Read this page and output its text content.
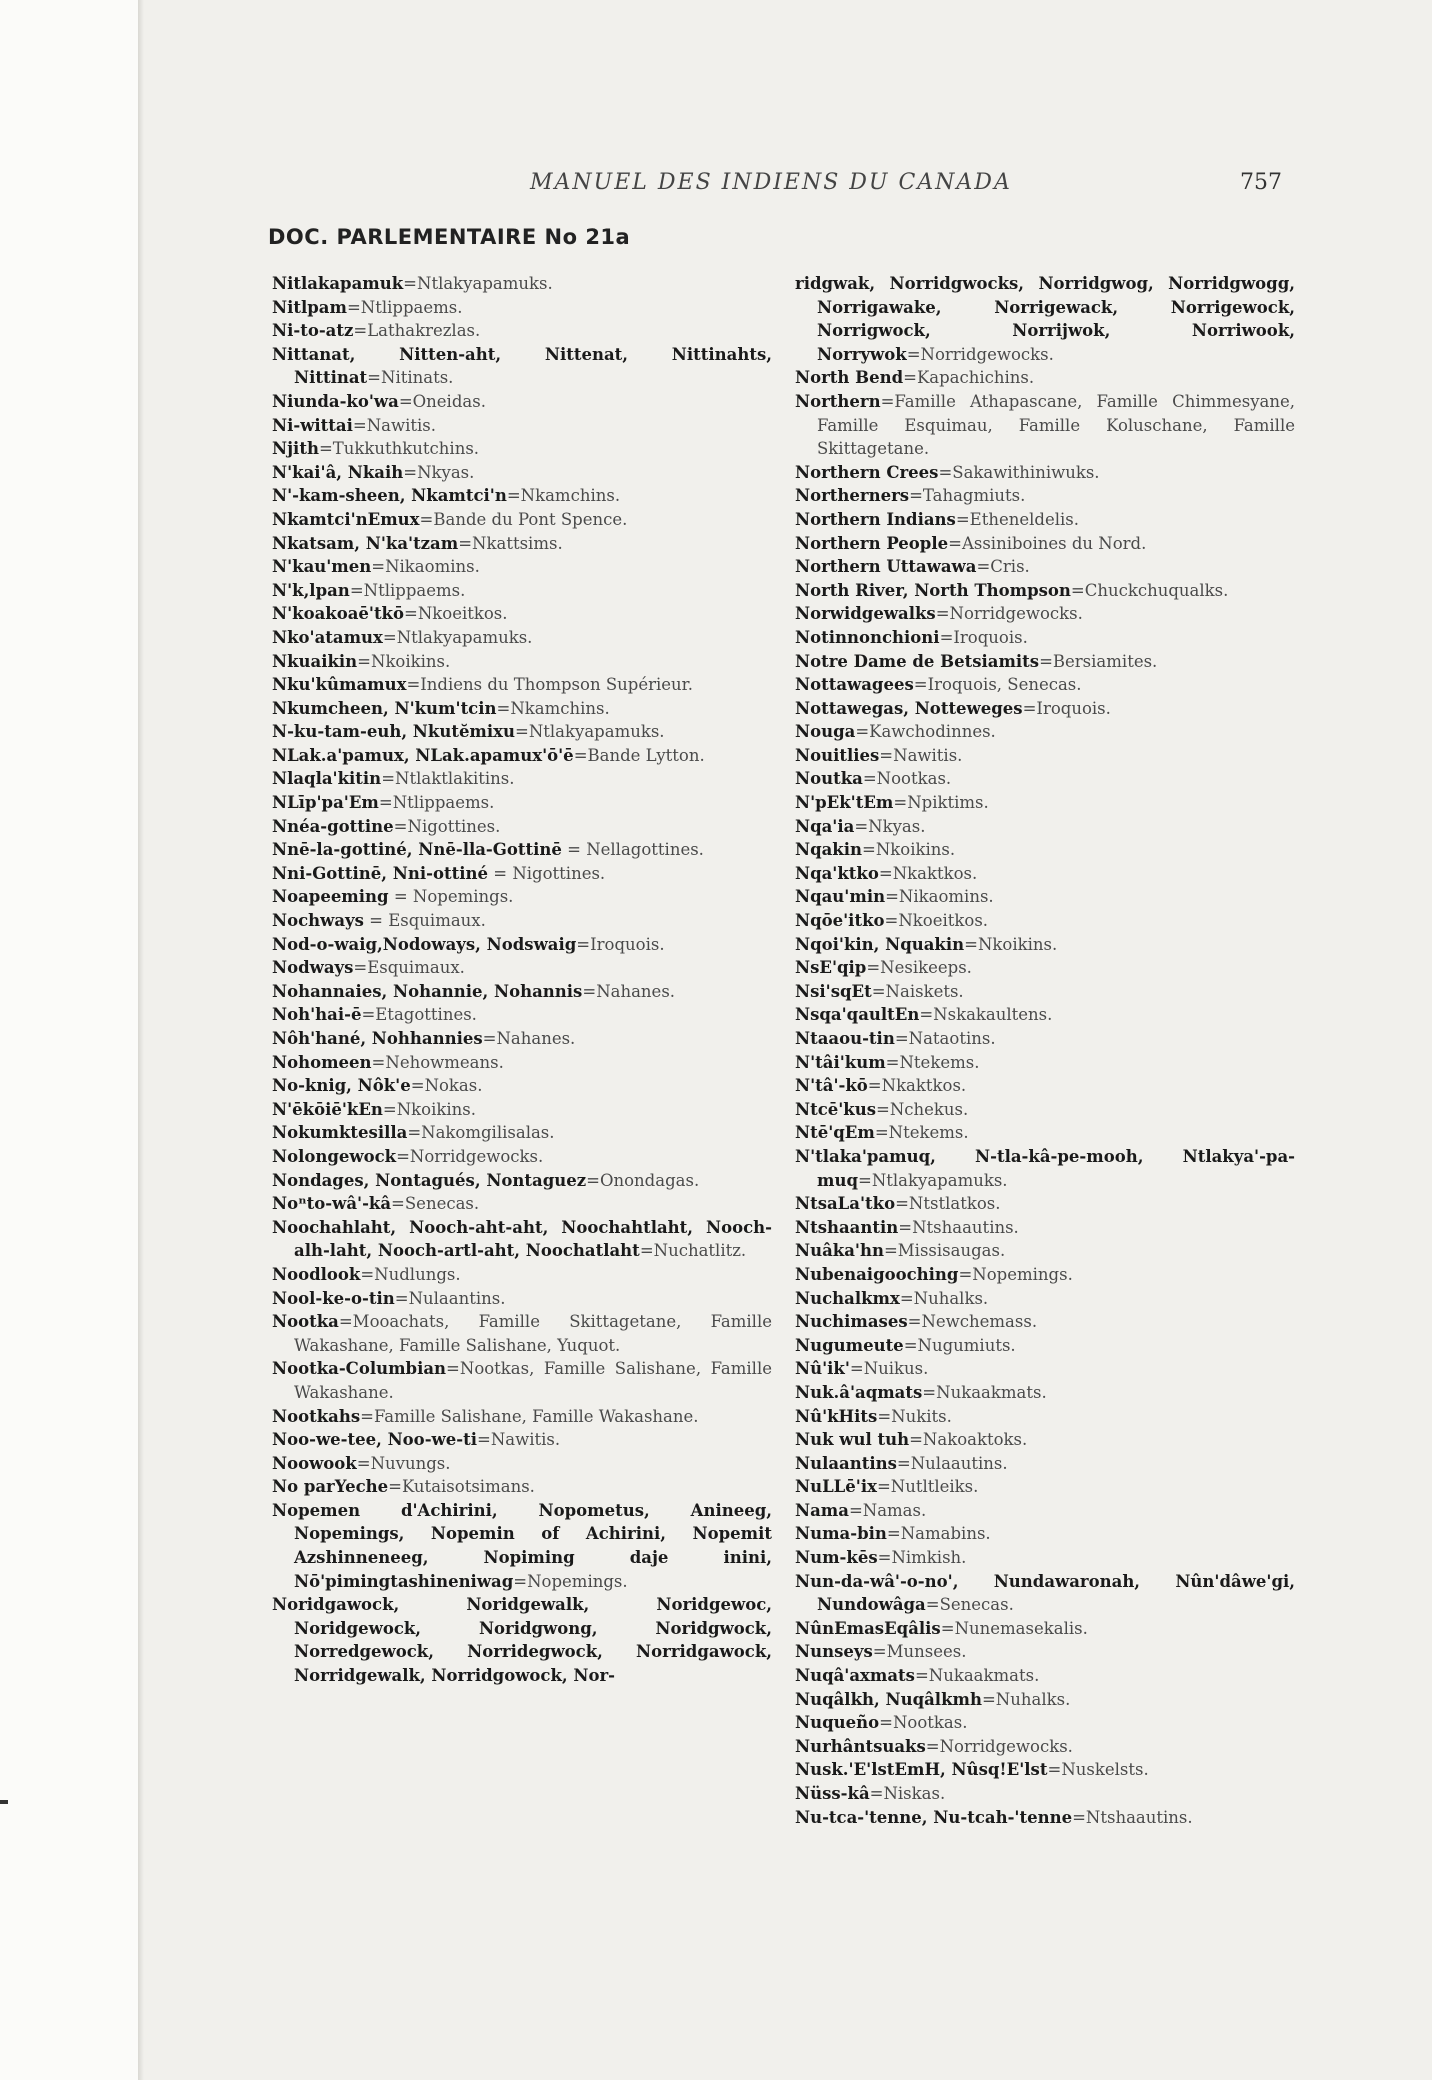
MANUEL DES INDIENS DU CANADA	757
DOC. PARLEMENTAIRE No 21a
Nitlakapamuk=Ntlakyapamuks.
Nitlpam=Ntlippaems.
Ni-to-atz=Lathakrezlas.
Nittanat, Nitten-aht, Nittenat, Nittinahts, Nittinat=Nitinats.
Niunda-ko'wa=Oneidas.
Ni-wittai=Nawitis.
Njith=Tukkuthkutchins.
N'kai'â, Nkaih=Nkyas.
N'-kam-sheen, Nkamtci'n=Nkamchins.
Nkamtci'nEmux=Bande du Pont Spence.
Nkatsam, N'ka'tzam=Nkattsims.
N'kau'men=Nikaomins.
N'k,lpan=Ntlippaems.
N'koakoaē'tkō=Nkoeitkos.
Nko'atamux=Ntlakyapamuks.
Nkuaikin=Nkoikins.
Nku'kûmamux=Indiens du Thompson Supérieur.
Nkumcheen, N'kum'tcin=Nkamchins.
N-ku-tam-euh, Nkutĕmixu=Ntlakyapamuks.
NLak.a'pamux, NLak.apamux'ō'ē=Bande Lytton.
Nlaqla'kitin=Ntlaktlakitins.
NLīp'pa'Em=Ntlippaems.
Nnéa-gottine=Nigottines.
Nnē-la-gottiné, Nnē-lla-Gottinē = Nellagottines.
Nni-Gottinē, Nni-ottiné = Nigottines.
Noapeeming = Nopemings.
Nochways = Esquimaux.
Nod-o-waig,Nodoways, Nodswaig=Iroquois.
Nodways=Esquimaux.
Nohannaies, Nohannie, Nohannis=Nahanes.
Noh'hai-ē=Etagottines.
Nôh'hané, Nohhannies=Nahanes.
Nohomeen=Nehowmeans.
No-knig, Nôk'e=Nokas.
N'ēkōiē'kEn=Nkoikins.
Nokumktesilla=Nakomgilisalas.
Nolongewock=Norridgewocks.
Nondages, Nontagués, Nontaguez=Onondagas.
Noⁿto-wâ'-kâ=Senecas.
Noochahlaht, Nooch-aht-aht, Noochahtlaht, Nooch-alh-laht, Nooch-artl-aht, Noochatlaht=Nuchatlitz.
Noodlook=Nudlungs.
Nool-ke-o-tin=Nulaantins.
Nootka=Mooachats, Famille Skittagetane, Famille Wakashane, Famille Salishane, Yuquot.
Nootka-Columbian=Nootkas, Famille Salishane, Famille Wakashane.
Nootkahs=Famille Salishane, Famille Wakashane.
Noo-we-tee, Noo-we-ti=Nawitis.
Noowook=Nuvungs.
No parYeche=Kutaisotsimans.
Nopemen d'Achirini, Nopometus, Anineeg, Nopemings, Nopemin of Achirini, Nopemit Azshinneneeg, Nopiming daje inini, Nō'pimingtashineniwag=Nopemings.
Noridgawock, Noridgewalk, Noridgewoc, Noridgewock, Noridgwong, Noridgwock, Norredgewock, Norridegwock, Norridgawock, Norridgewalk, Norridgowock, Nor-
ridgwak, Norridgwocks, Norridgwog, Norridgwogg, Norrigawake, Norrigewack, Norrigewock, Norrigwock, Norrijwok, Norriwook, Norrywok=Norridgewocks.
North Bend=Kapachichins.
Northern=Famille Athapascane, Famille Chimmesyane, Famille Esquimau, Famille Koluschane, Famille Skittagetane.
Northern Crees=Sakawithiniwuks.
Northerners=Tahagmiuts.
Northern Indians=Etheneldelis.
Northern People=Assiniboines du Nord.
Northern Uttawawa=Cris.
North River, North Thompson=Chuckchuqualks.
Norwidgewalks=Norridgewocks.
Notinnonchioni=Iroquois.
Notre Dame de Betsiamits=Bersiamites.
Nottawagees=Iroquois, Senecas.
Nottawegas, Notteweges=Iroquois.
Nouga=Kawchodinnes.
Nouitlies=Nawitis.
Noutka=Nootkas.
N'pEk'tEm=Npiktims.
Nqa'ia=Nkyas.
Nqakin=Nkoikins.
Nqa'ktko=Nkaktkos.
Nqau'min=Nikaomins.
Nqōe'itko=Nkoeitkos.
Nqoi'kin, Nquakin=Nkoikins.
NsE'qip=Nesikeeps.
Nsi'sqEt=Naiskets.
Nsqa'qaultEn=Nskakaultens.
Ntaaou-tin=Nataotins.
N'tâi'kum=Ntekems.
N'tâ'-kō=Nkaktkos.
Ntcē'kus=Nchekus.
Ntē'qEm=Ntekems.
N'tlaka'pamuq, N-tla-kâ-pe-mooh, Ntlakya'-pa-muq=Ntlakyapamuks.
NtsaLa'tko=Ntstlatkos.
Ntshaantin=Ntshaautins.
Nuâka'hn=Missisaugas.
Nubenaigooching=Nopemings.
Nuchalkmx=Nuhalks.
Nuchimases=Newchemass.
Nugumeute=Nugumiuts.
Nû'ik'=Nuikus.
Nuk.â'aqmats=Nukaakmats.
Nû'kHits=Nukits.
Nuk wul tuh=Nakoaktoks.
Nulaantins=Nulaautins.
NuLLē'ix=Nutltleiks.
Nama=Namas.
Numa-bin=Namabins.
Num-kēs=Nimkish.
Nun-da-wâ'-o-no', Nundawaronah, Nûn'dâwe'gi, Nundowâga=Senecas.
NûnEmasEqâlis=Nunemasekalis.
Nunseys=Munsees.
Nuqâ'axmats=Nukaakmats.
Nuqâlkh, Nuqâlkmh=Nuhalks.
Nuqueño=Nootkas.
Nurhântsuaks=Norridgewocks.
Nusk.'E'lstEmH, Nûsq!E'lst=Nuskelsts.
Nüss-kâ=Niskas.
Nu-tca-'tenne, Nu-tcah-'tenne=Ntshaautins.
